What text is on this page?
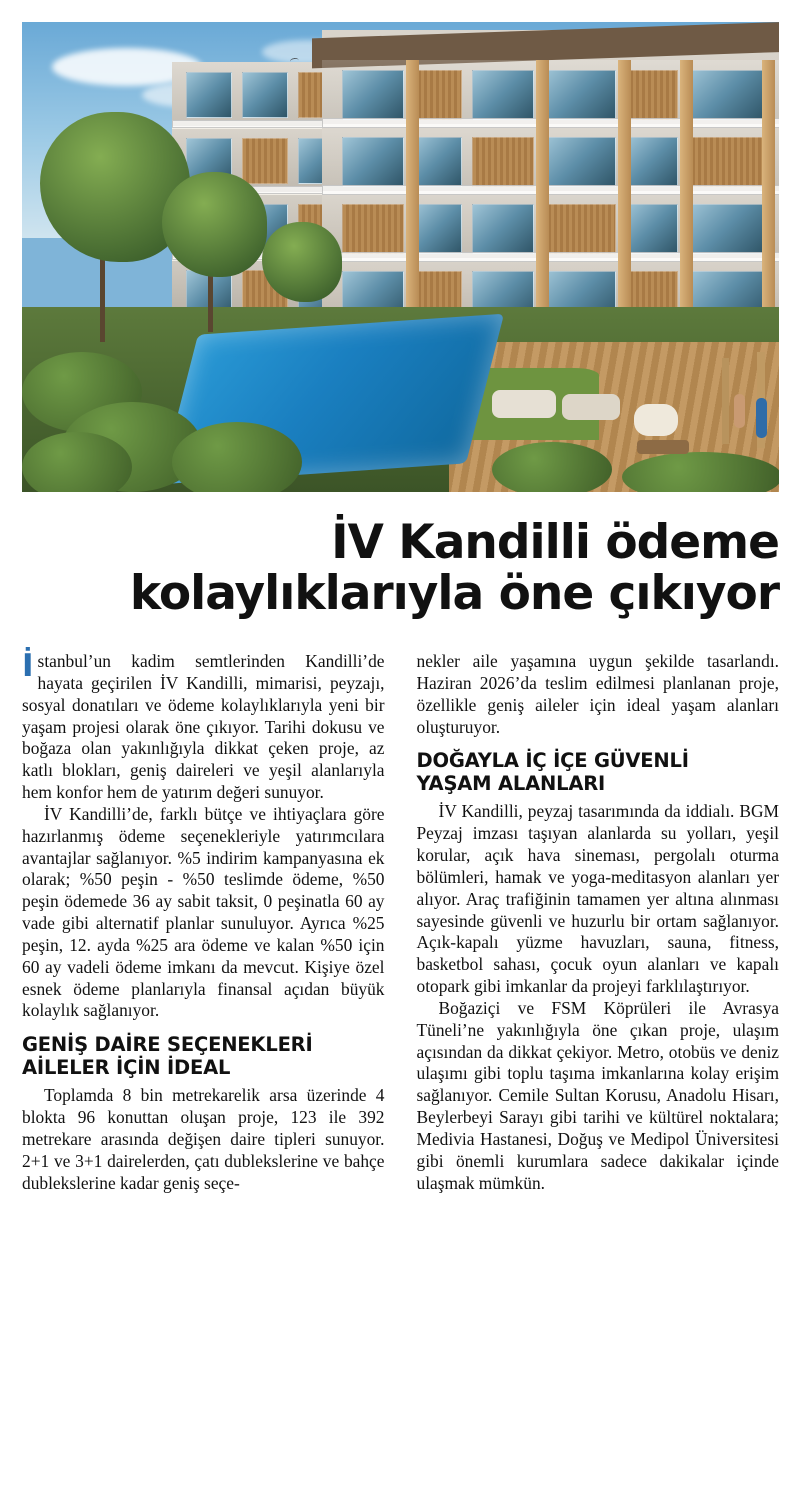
İV Kandilli ödeme
kolaylıklarıyla öne çıkıyor

İstanbul’un kadim semtlerinden Kandilli’de hayata geçirilen İV Kandilli, mimarisi, peyzajı, sosyal donatıları ve ödeme kolaylıklarıyla yeni bir yaşam projesi olarak öne çıkıyor. Tarihi dokusu ve boğaza olan yakınlığıyla dikkat çeken proje, az katlı blokları, geniş daireleri ve yeşil alanlarıyla hem konfor hem de yatırım değeri sunuyor.

İV Kandilli’de, farklı bütçe ve ihtiyaçlara göre hazırlanmış ödeme seçenekleriyle yatırımcılara avantajlar sağlanıyor. %5 indirim kampanyasına ek olarak; %50 peşin - %50 teslimde ödeme, %50 peşin ödemede 36 ay sabit taksit, 0 peşinatla 60 ay vade gibi alternatif planlar sunuluyor. Ayrıca %25 peşin, 12. ayda %25 ara ödeme ve kalan %50 için 60 ay vadeli ödeme imkanı da mevcut. Kişiye özel esnek ödeme planlarıyla finansal açıdan büyük kolaylık sağlanıyor.

GENİŞ DAİRE SEÇENEKLERİ
AİLELER İÇİN İDEAL

Toplamda 8 bin metrekarelik arsa üzerinde 4 blokta 96 konuttan oluşan proje, 123 ile 392 metrekare arasında değişen daire tipleri sunuyor. 2+1 ve 3+1 dairelerden, çatı dublekslerine ve bahçe dublekslerine kadar geniş seçe-

nekler aile yaşamına uygun şekilde tasarlandı. Haziran 2026’da teslim edilmesi planlanan proje, özellikle geniş aileler için ideal yaşam alanları oluşturuyor.

DOĞAYLA İÇ İÇE GÜVENLİ
YAŞAM ALANLARI

İV Kandilli, peyzaj tasarımında da iddialı. BGM Peyzaj imzası taşıyan alanlarda su yolları, yeşil korular, açık hava sineması, pergolalı oturma bölümleri, hamak ve yoga-meditasyon alanları yer alıyor. Araç trafiğinin tamamen yer altına alınması sayesinde güvenli ve huzurlu bir ortam sağlanıyor. Açık-kapalı yüzme havuzları, sauna, fitness, basketbol sahası, çocuk oyun alanları ve kapalı otopark gibi imkanlar da projeyi farklılaştırıyor.

Boğaziçi ve FSM Köprüleri ile Avrasya Tüneli’ne yakınlığıyla öne çıkan proje, ulaşım açısından da dikkat çekiyor. Metro, otobüs ve deniz ulaşımı gibi toplu taşıma imkanlarına kolay erişim sağlanıyor. Cemile Sultan Korusu, Anadolu Hisarı, Beylerbeyi Sarayı gibi tarihi ve kültürel noktalara; Medivia Hastanesi, Doğuş ve Medipol Üniversitesi gibi önemli kurumlara sadece dakikalar içinde ulaşmak mümkün.
